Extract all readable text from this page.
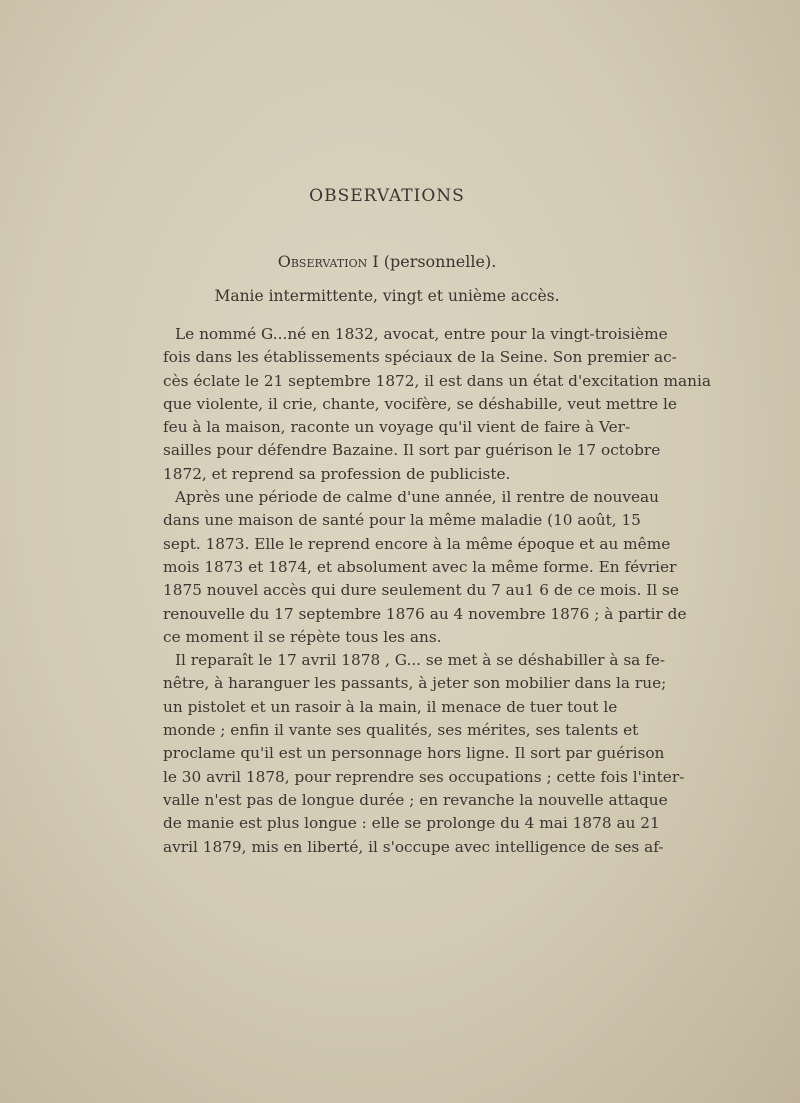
OBSERVATIONS
Observation I (personnelle).
Manie intermittente, vingt et unième accès.
Le nommé G...né en 1832, avocat, entre pour la vingt-troisième
fois dans les établissements spéciaux de la Seine. Son premier ac-
cès éclate le 21 septembre 1872, il est dans un état d'excitation mania
que violente, il crie, chante, vocifère, se déshabille, veut mettre le
feu à la maison, raconte un voyage qu'il vient de faire à Ver-
sailles pour défendre Bazaine. Il sort par guérison le 17 octobre
1872, et reprend sa profession de publiciste.
Après une période de calme d'une année, il rentre de nouveau
dans une maison de santé pour la même maladie (10 août, 15
sept. 1873. Elle le reprend encore à la même époque et au même
mois 1873 et 1874, et absolument avec la même forme. En février
1875 nouvel accès qui dure seulement du 7 au1 6 de ce mois. Il se
renouvelle du 17 septembre 1876 au 4 novembre 1876 ; à partir de
ce moment il se répète tous les ans.
Il reparaît le 17 avril 1878 , G... se met à se déshabiller à sa fe-
nêtre, à haranguer les passants, à jeter son mobilier dans la rue;
un pistolet et un rasoir à la main, il menace de tuer tout le
monde ; enfin il vante ses qualités, ses mérites, ses talents et
proclame qu'il est un personnage hors ligne. Il sort par guérison
le 30 avril 1878, pour reprendre ses occupations ; cette fois l'inter-
valle n'est pas de longue durée ; en revanche la nouvelle attaque
de manie est plus longue : elle se prolonge du 4 mai 1878 au 21
avril 1879, mis en liberté, il s'occupe avec intelligence de ses af-
